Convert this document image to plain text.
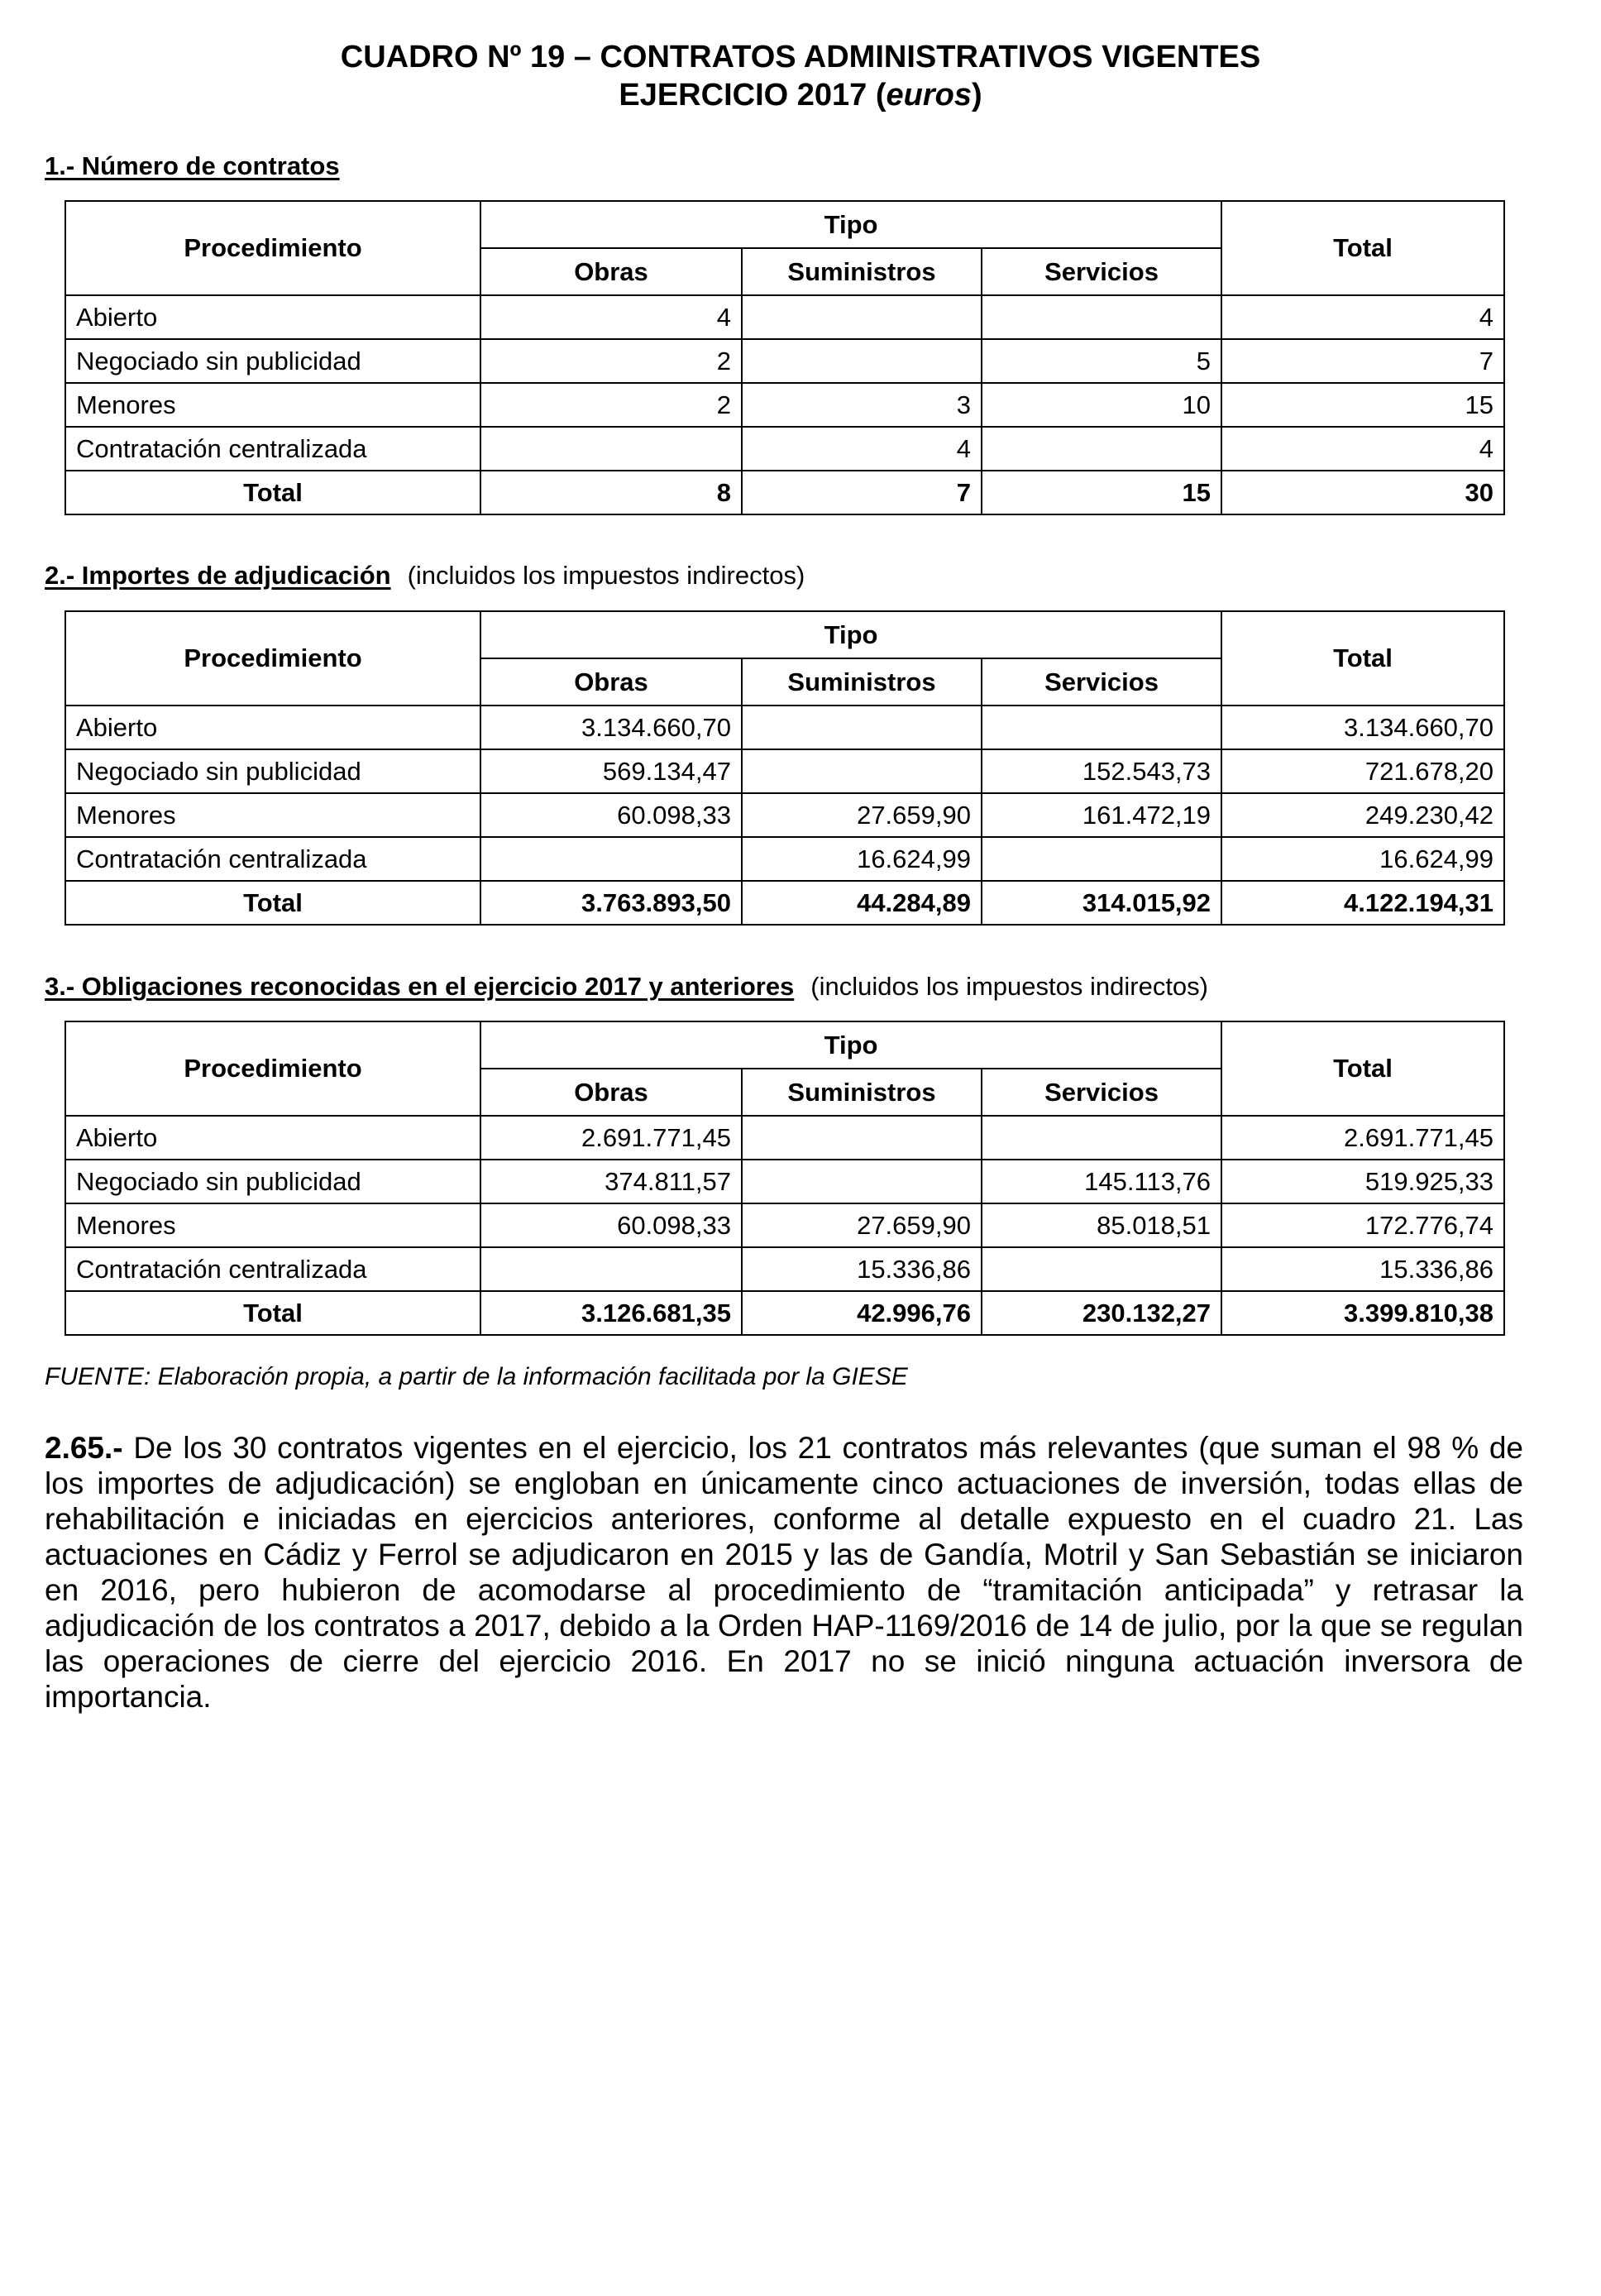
CUADRO Nº 19 – CONTRATOS ADMINISTRATIVOS VIGENTES
EJERCICIO 2017 (euros)

1.- Número de contratos

Procedimiento	Tipo			Total
	Obras	Suministros	Servicios	
Abierto	4			4
Negociado sin publicidad	2		5	7
Menores	2	3	10	15
Contratación centralizada		4		4
Total	8	7	15	30

2.- Importes de adjudicación (incluidos los impuestos indirectos)

Procedimiento	Tipo			Total
	Obras	Suministros	Servicios	
Abierto	3.134.660,70			3.134.660,70
Negociado sin publicidad	569.134,47		152.543,73	721.678,20
Menores	60.098,33	27.659,90	161.472,19	249.230,42
Contratación centralizada		16.624,99		16.624,99
Total	3.763.893,50	44.284,89	314.015,92	4.122.194,31

3.- Obligaciones reconocidas en el ejercicio 2017 y anteriores (incluidos los impuestos indirectos)

Procedimiento	Tipo			Total
	Obras	Suministros	Servicios	
Abierto	2.691.771,45			2.691.771,45
Negociado sin publicidad	374.811,57		145.113,76	519.925,33
Menores	60.098,33	27.659,90	85.018,51	172.776,74
Contratación centralizada		15.336,86		15.336,86
Total	3.126.681,35	42.996,76	230.132,27	3.399.810,38

FUENTE: Elaboración propia, a partir de la información facilitada por la GIESE

2.65.- De los 30 contratos vigentes en el ejercicio, los 21 contratos más relevantes (que suman el 98 % de los importes de adjudicación) se engloban en únicamente cinco actuaciones de inversión, todas ellas de rehabilitación e iniciadas en ejercicios anteriores, conforme al detalle expuesto en el cuadro 21. Las actuaciones en Cádiz y Ferrol se adjudicaron en 2015 y las de Gandía, Motril y San Sebastián se iniciaron en 2016, pero hubieron de acomodarse al procedimiento de “tramitación anticipada” y retrasar la adjudicación de los contratos a 2017, debido a la Orden HAP-1169/2016 de 14 de julio, por la que se regulan las operaciones de cierre del ejercicio 2016. En 2017 no se inició ninguna actuación inversora de importancia.
